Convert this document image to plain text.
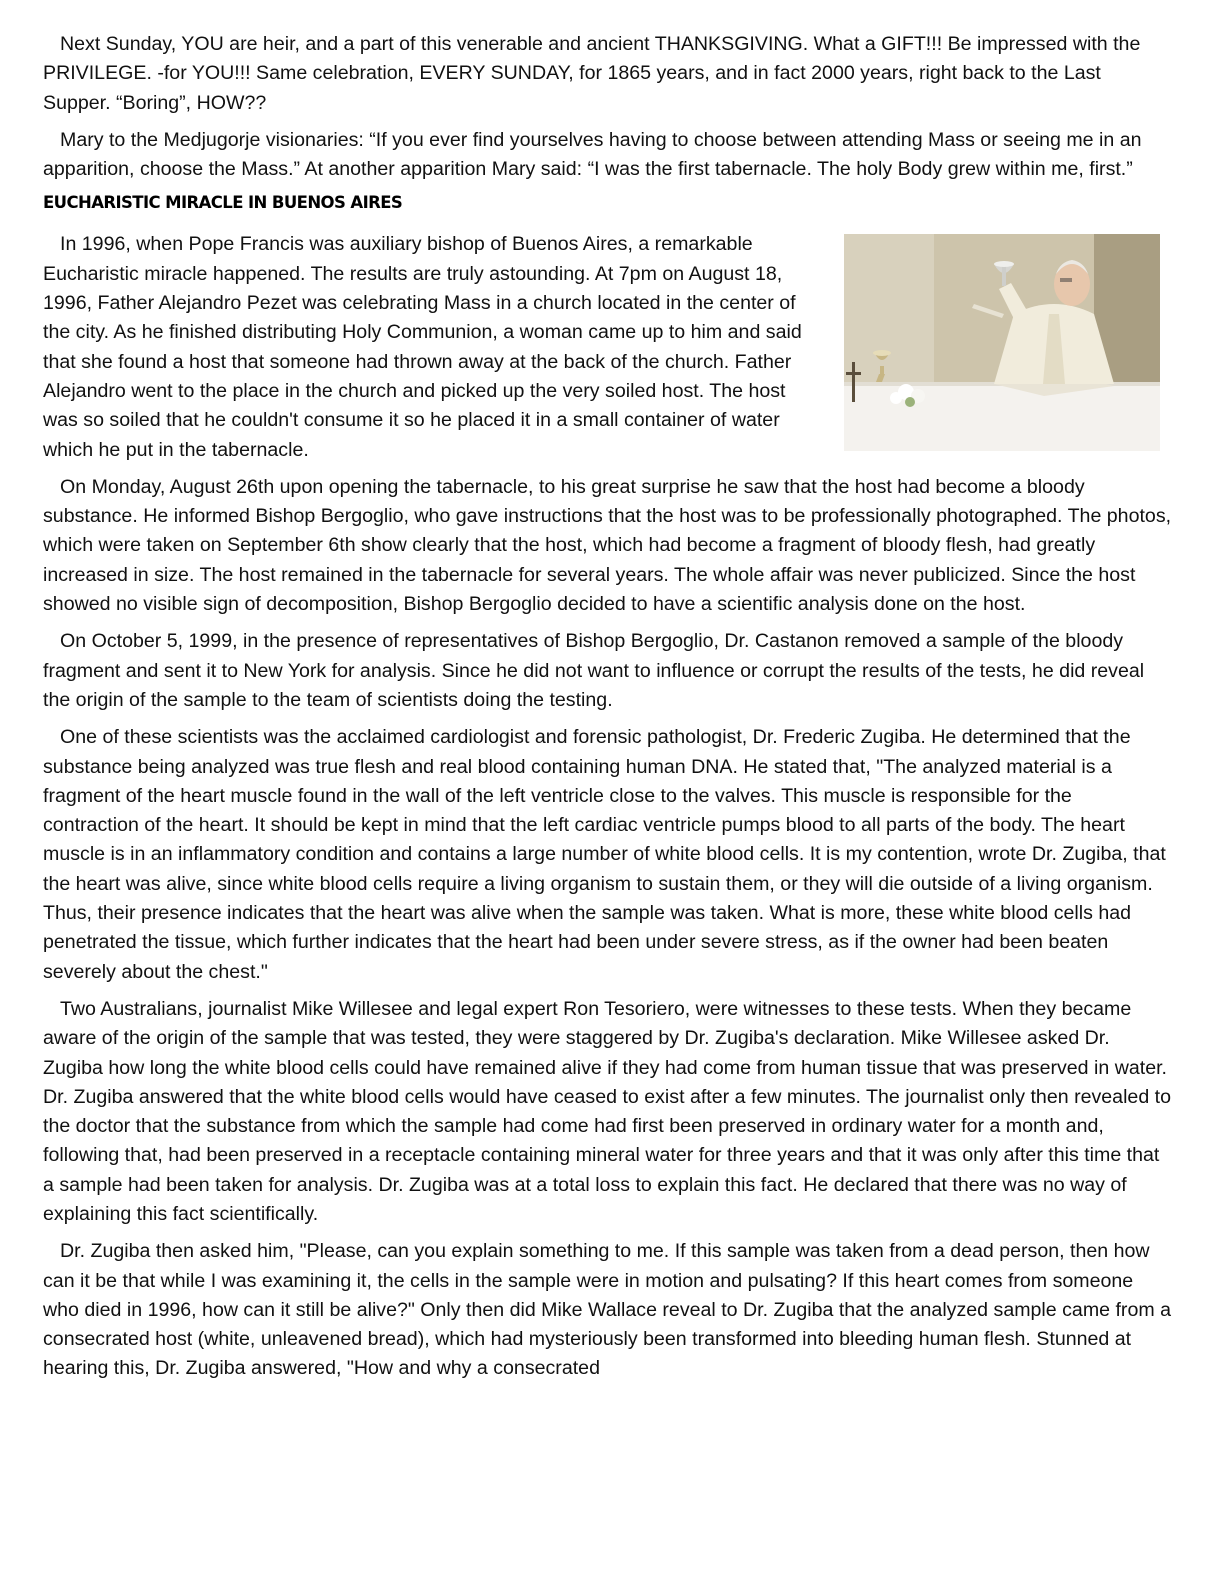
Next Sunday, YOU are heir, and a part of this venerable and ancient THANKSGIVING. What a GIFT!!! Be impressed with the PRIVILEGE. -for YOU!!! Same celebration, EVERY SUNDAY, for 1865 years, and in fact 2000 years, right back to the Last Supper. “Boring”, HOW??

Mary to the Medjugorje visionaries: “If you ever find yourselves having to choose between attending Mass or seeing me in an apparition, choose the Mass.” At another apparition Mary said: “I was the first tabernacle. The holy Body grew within me, first.”

EUCHARISTIC MIRACLE IN BUENOS AIRES

In 1996, when Pope Francis was auxiliary bishop of Buenos Aires, a remarkable Eucharistic miracle happened. The results are truly astounding. At 7pm on August 18, 1996, Father Alejandro Pezet was celebrating Mass in a church located in the center of the city. As he finished distributing Holy Communion, a woman came up to him and said that she found a host that someone had thrown away at the back of the church. Father Alejandro went to the place in the church and picked up the very soiled host. The host was so soiled that he couldn't consume it so he placed it in a small container of water which he put in the tabernacle.

On Monday, August 26th upon opening the tabernacle, to his great surprise he saw that the host had become a bloody substance. He informed Bishop Bergoglio, who gave instructions that the host was to be professionally photographed. The photos, which were taken on September 6th show clearly that the host, which had become a fragment of bloody flesh, had greatly increased in size. The host remained in the tabernacle for several years. The whole affair was never publicized. Since the host showed no visible sign of decomposition, Bishop Bergoglio decided to have a scientific analysis done on the host.

On October 5, 1999, in the presence of representatives of Bishop Bergoglio, Dr. Castanon removed a sample of the bloody fragment and sent it to New York for analysis. Since he did not want to influence or corrupt the results of the tests, he did reveal the origin of the sample to the team of scientists doing the testing.

One of these scientists was the acclaimed cardiologist and forensic pathologist, Dr. Frederic Zugiba. He determined that the substance being analyzed was true flesh and real blood containing human DNA. He stated that, "The analyzed material is a fragment of the heart muscle found in the wall of the left ventricle close to the valves. This muscle is responsible for the contraction of the heart. It should be kept in mind that the left cardiac ventricle pumps blood to all parts of the body. The heart muscle is in an inflammatory condition and contains a large number of white blood cells. It is my contention, wrote Dr. Zugiba, that the heart was alive, since white blood cells require a living organism to sustain them, or they will die outside of a living organism. Thus, their presence indicates that the heart was alive when the sample was taken. What is more, these white blood cells had penetrated the tissue, which further indicates that the heart had been under severe stress, as if the owner had been beaten severely about the chest."

Two Australians, journalist Mike Willesee and legal expert Ron Tesoriero, were witnesses to these tests. When they became aware of the origin of the sample that was tested, they were staggered by Dr. Zugiba's declaration. Mike Willesee asked Dr. Zugiba how long the white blood cells could have remained alive if they had come from human tissue that was preserved in water. Dr. Zugiba answered that the white blood cells would have ceased to exist after a few minutes. The journalist only then revealed to the doctor that the substance from which the sample had come had first been preserved in ordinary water for a month and, following that, had been preserved in a receptacle containing mineral water for three years and that it was only after this time that a sample had been taken for analysis. Dr. Zugiba was at a total loss to explain this fact. He declared that there was no way of explaining this fact scientifically.

Dr. Zugiba then asked him, "Please, can you explain something to me. If this sample was taken from a dead person, then how can it be that while I was examining it, the cells in the sample were in motion and pulsating? If this heart comes from someone who died in 1996, how can it still be alive?" Only then did Mike Wallace reveal to Dr. Zugiba that the analyzed sample came from a consecrated host (white, unleavened bread), which had mysteriously been transformed into bleeding human flesh. Stunned at hearing this, Dr. Zugiba answered, "How and why a consecrated
